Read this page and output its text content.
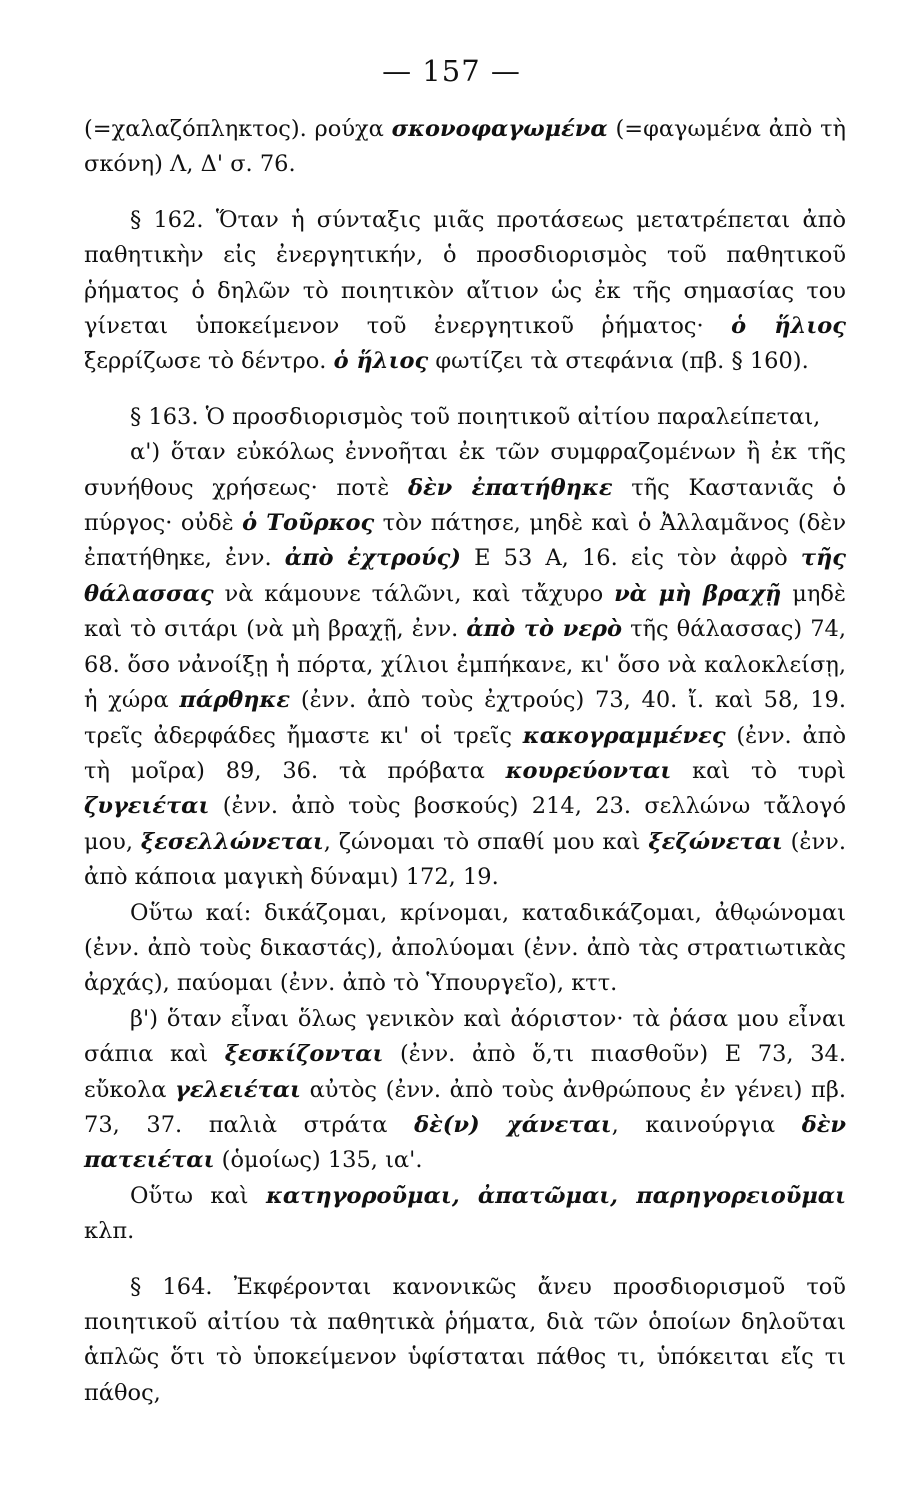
— 157 —

(=χαλαζόπληκτος). ρούχα σκονοφαγωμένα (=φαγωμένα ἀπὸ τὴ σκόνη) Λ, Δ' σ. 76.

§ 162. Ὅταν ἡ σύνταξις μιᾶς προτάσεως μετατρέπεται ἀπὸ παθητικὴν εἰς ἐνεργητικήν, ὁ προσδιορισμὸς τοῦ παθητικοῦ ῥήματος ὁ δηλῶν τὸ ποιητικὸν αἴτιον ὡς ἐκ τῆς σημασίας του γίνεται ὑποκείμενον τοῦ ἐνεργητικοῦ ῥήματος· ὁ ἥλιος ξερρίζωσε τὸ δέντρο. ὁ ἥλιος φωτίζει τὰ στεφάνια (πβ. § 160).

§ 163. Ὁ προσδιορισμὸς τοῦ ποιητικοῦ αἰτίου παραλείπεται,

α') ὅταν εὐκόλως ἐννοῆται ἐκ τῶν συμφραζομένων ἢ ἐκ τῆς συνήθους χρήσεως· ποτὲ δὲν ἐπατήθηκε τῆς Καστανιᾶς ὁ πύργος· οὐδὲ ὁ Τοῦρκος τὸν πάτησε, μηδὲ καὶ ὁ Ἀλλαμᾶνος (δὲν ἐπατήθηκε, ἐνν. ἀπὸ ἐχτρούς) Ε 53 Α, 16. εἰς τὸν ἀφρὸ τῆς θάλασσας νὰ κάμουνε τάλῶνι, καὶ τἄχυρο νὰ μὴ βραχῇ μηδὲ καὶ τὸ σιτάρι (νὰ μὴ βραχῇ, ἐνν. ἀπὸ τὸ νερὸ τῆς θάλασσας) 74, 68. ὅσο νἀνοίξῃ ἡ πόρτα, χίλιοι ἐμπήκανε, κι' ὅσο νὰ καλοκλείσῃ, ἡ χώρα πάρθηκε (ἐνν. ἀπὸ τοὺς ἐχτρούς) 73, 40. ἴ. καὶ 58, 19. τρεῖς ἀδερφάδες ἤμαστε κι' οἱ τρεῖς κακογραμμένες (ἐνν. ἀπὸ τὴ μοῖρα) 89, 36. τὰ πρόβατα κουρεύονται καὶ τὸ τυρὶ ζυγειέται (ἐνν. ἀπὸ τοὺς βοσκούς) 214, 23. σελλώνω τἄλογό μου, ξεσελλώνεται, ζώνομαι τὸ σπαθί μου καὶ ξεζώνεται (ἐνν. ἀπὸ κάποια μαγικὴ δύναμι) 172, 19.

Οὕτω καί: δικάζομαι, κρίνομαι, καταδικάζομαι, ἀθῳώνομαι (ἐνν. ἀπὸ τοὺς δικαστάς), ἀπολύομαι (ἐνν. ἀπὸ τὰς στρατιωτικὰς ἀρχάς), παύομαι (ἐνν. ἀπὸ τὸ Ὑπουργεῖο), κττ.

β') ὅταν εἶναι ὅλως γενικὸν καὶ ἀόριστον· τὰ ῥάσα μου εἶναι σάπια καὶ ξεσκίζονται (ἐνν. ἀπὸ ὅ,τι πιασθοῦν) Ε 73, 34. εὔκολα γελειέται αὐτὸς (ἐνν. ἀπὸ τοὺς ἀνθρώπους ἐν γένει) πβ. 73, 37. παλιὰ στράτα δὲ(ν) χάνεται, καινούργια δὲν πατειέται (ὁμοίως) 135, ια'.

Οὕτω καὶ κατηγοροῦμαι, ἀπατῶμαι, παρηγορειοῦμαι κλπ.

§ 164. Ἐκφέρονται κανονικῶς ἄνευ προσδιορισμοῦ τοῦ ποιητικοῦ αἰτίου τὰ παθητικὰ ῥήματα, διὰ τῶν ὁποίων δηλοῦται ἁπλῶς ὅτι τὸ ὑποκείμενον ὑφίσταται πάθος τι, ὑπόκειται εἴς τι πάθος,
